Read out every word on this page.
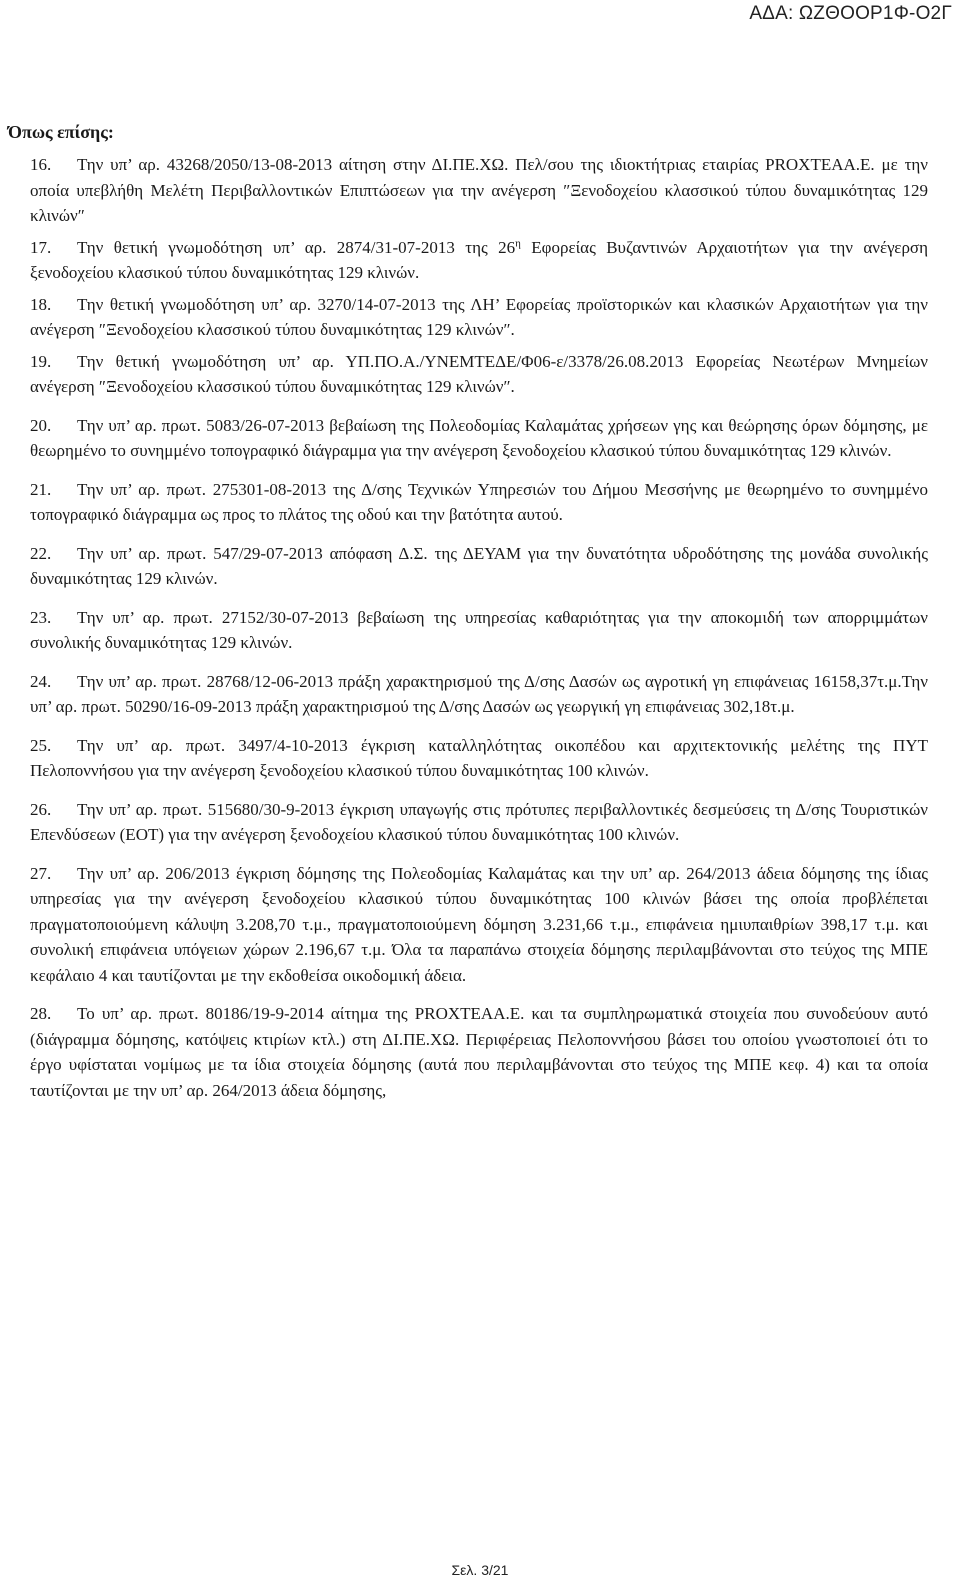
ΑΔΑ: ΩΖΘΟΟΡ1Φ-Ο2Γ
Όπως επίσης:

16. Την υπ’ αρ. 43268/2050/13-08-2013 αίτηση στην ΔΙ.ΠΕ.ΧΩ. Πελ/σου της ιδιοκτήτριας εταιρίας PROXTEAA.E. με την οποία υπεβλήθη Μελέτη Περιβαλλοντικών Επιπτώσεων για την ανέγερση ″Ξενοδοχείου κλασσικού τύπου δυναμικότητας 129 κλινών″

17. Την θετική γνωμοδότηση υπ’ αρ. 2874/31-07-2013 της $26^\eta$ Εφορείας Βυζαντινών Αρχαιοτήτων για την ανέγερση ξενοδοχείου κλασικού τύπου δυναμικότητας 129 κλινών.

18. Την θετική γνωμοδότηση υπ’ αρ. 3270/14-07-2013 της ΛΗ’ Εφορείας προϊστορικών και κλασικών Αρχαιοτήτων για την ανέγερση ″Ξενοδοχείου κλασσικού τύπου δυναμικότητας 129 κλινών″.

19. Την θετική γνωμοδότηση υπ’ αρ. ΥΠ.ΠΟ.Α./ΥΝΕΜΤΕΔΕ/Φ06-ε/3378/26.08.2013 Εφορείας Νεωτέρων Μνημείων ανέγερση ″Ξενοδοχείου κλασσικού τύπου δυναμικότητας 129 κλινών″.

20. Την υπ’ αρ. πρωτ. 5083/26-07-2013 βεβαίωση της Πολεοδομίας Καλαμάτας χρήσεων γης και θεώρησης όρων δόμησης, με θεωρημένο το συνημμένο τοπογραφικό διάγραμμα για την ανέγερση ξενοδοχείου κλασικού τύπου δυναμικότητας 129 κλινών.

21. Την υπ’ αρ. πρωτ. 275301-08-2013 της Δ/σης Τεχνικών Υπηρεσιών του Δήμου Μεσσήνης με θεωρημένο το συνημμένο τοπογραφικό διάγραμμα ως προς το πλάτος της οδού και την βατότητα αυτού.

22. Την υπ’ αρ. πρωτ. 547/29-07-2013 απόφαση Δ.Σ. της ΔΕΥΑΜ για την δυνατότητα υδροδότησης της μονάδα συνολικής δυναμικότητας 129 κλινών.

23. Την υπ’ αρ. πρωτ. 27152/30-07-2013 βεβαίωση της υπηρεσίας καθαριότητας για την αποκομιδή των απορριμμάτων συνολικής δυναμικότητας 129 κλινών.

24. Την υπ’ αρ. πρωτ. 28768/12-06-2013 πράξη χαρακτηρισμού της Δ/σης Δασών ως αγροτική γη επιφάνειας 16158,37τ.μ.Την υπ’ αρ. πρωτ. 50290/16-09-2013 πράξη χαρακτηρισμού της Δ/σης Δασών ως γεωργική γη επιφάνειας 302,18τ.μ.

25. Την υπ’ αρ. πρωτ. 3497/4-10-2013 έγκριση καταλληλότητας οικοπέδου και αρχιτεκτονικής μελέτης της ΠΥΤ Πελοποννήσου για την ανέγερση ξενοδοχείου κλασικού τύπου δυναμικότητας 100 κλινών.

26. Την υπ’ αρ. πρωτ. 515680/30-9-2013 έγκριση υπαγωγής στις πρότυπες περιβαλλοντικές δεσμεύσεις τη Δ/σης Τουριστικών Επενδύσεων (ΕΟΤ) για την ανέγερση ξενοδοχείου κλασικού τύπου δυναμικότητας 100 κλινών.

27. Την υπ’ αρ. 206/2013 έγκριση δόμησης της Πολεοδομίας Καλαμάτας και την υπ’ αρ. 264/2013 άδεια δόμησης της ίδιας υπηρεσίας για την ανέγερση ξενοδοχείου κλασικού τύπου δυναμικότητας 100 κλινών βάσει της οποία προβλέπεται πραγματοποιούμενη κάλυψη 3.208,70 τ.μ., πραγματοποιούμενη δόμηση 3.231,66 τ.μ., επιφάνεια ημιυπαιθρίων 398,17 τ.μ. και συνολική επιφάνεια υπόγειων χώρων 2.196,67 τ.μ. Όλα τα παραπάνω στοιχεία δόμησης περιλαμβάνονται στο τεύχος της ΜΠΕ κεφάλαιο 4 και ταυτίζονται με την εκδοθείσα οικοδομική άδεια.

28. Το υπ’ αρ. πρωτ. 80186/19-9-2014 αίτημα της PROXTEAA.E. και τα συμπληρωματικά στοιχεία που συνοδεύουν αυτό (διάγραμμα δόμησης, κατόψεις κτιρίων κτλ.) στη ΔΙ.ΠΕ.ΧΩ. Περιφέρειας Πελοποννήσου βάσει του οποίου γνωστοποιεί ότι το έργο υφίσταται νομίμως με τα ίδια στοιχεία δόμησης (αυτά που περιλαμβάνονται στο τεύχος της ΜΠΕ κεφ. 4) και τα οποία ταυτίζονται με την υπ’ αρ. 264/2013 άδεια δόμησης,

Σελ. 3/21
